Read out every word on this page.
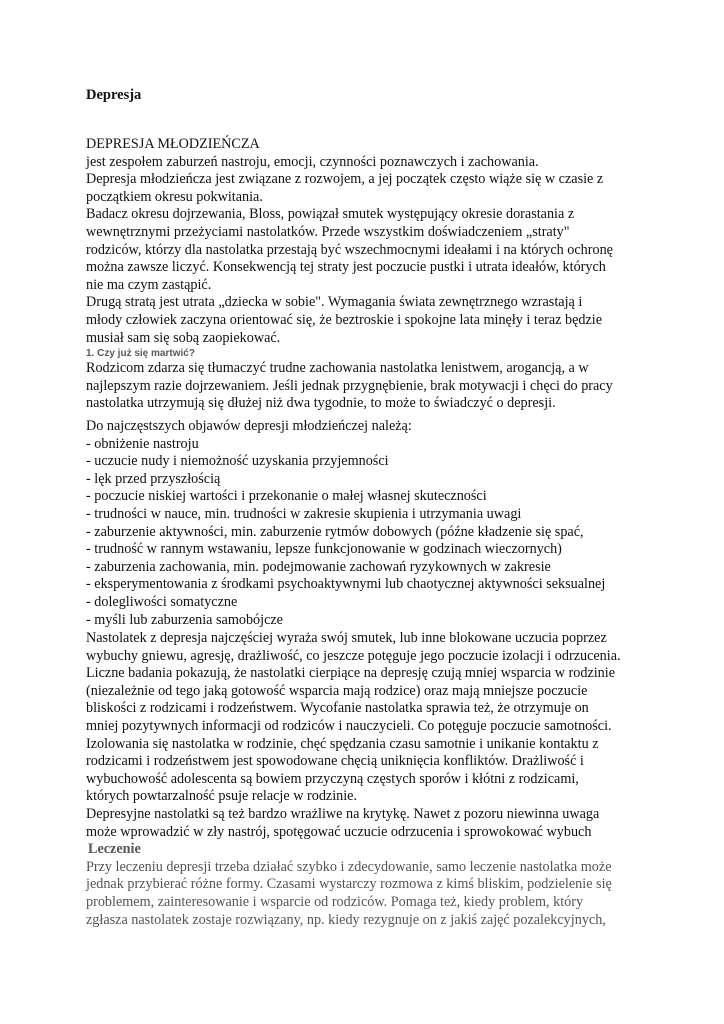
Depresja
DEPRESJA MŁODZIEŃCZA
jest zespołem zaburzeń nastroju, emocji, czynności poznawczych i zachowania.
Depresja młodzieńcza jest związane z rozwojem, a jej początek często wiąże się w czasie z
początkiem okresu pokwitania.
Badacz okresu dojrzewania, Bloss, powiązał smutek występujący okresie dorastania z
wewnętrznymi przeżyciami nastolatków. Przede wszystkim doświadczeniem „straty"
rodziców, którzy dla nastolatka przestają być wszechmocnymi ideałami i na których ochronę
można zawsze liczyć. Konsekwencją tej straty jest poczucie pustki i utrata ideałów, których
nie ma czym zastąpić.
Drugą stratą jest utrata „dziecka w sobie". Wymagania świata zewnętrznego wzrastają i
młody człowiek zaczyna orientować się, że beztroskie i spokojne lata minęły i teraz będzie
musiał sam się sobą zaopiekować.
1. Czy już się martwić?
Rodzicom zdarza się tłumaczyć trudne zachowania nastolatka lenistwem, arogancją, a w
najlepszym razie dojrzewaniem. Jeśli jednak przygnębienie, brak motywacji i chęci do pracy
nastolatka utrzymują się dłużej niż dwa tygodnie, to może to świadczyć o depresji.
Do najczęstszych objawów depresji młodzieńczej należą:
- obniżenie nastroju
- uczucie nudy i niemożność uzyskania przyjemności
- lęk przed przyszłością
- poczucie niskiej wartości i przekonanie o małej własnej skuteczności
- trudności w nauce, min. trudności w zakresie skupienia i utrzymania uwagi
- zaburzenie aktywności, min. zaburzenie rytmów dobowych (późne kładzenie się spać,
- trudność w rannym wstawaniu, lepsze funkcjonowanie w godzinach wieczornych)
- zaburzenia zachowania, min. podejmowanie zachowań ryzykownych w zakresie
- eksperymentowania z środkami psychoaktywnymi lub chaotycznej aktywności seksualnej
- dolegliwości somatyczne
- myśli lub zaburzenia samobójcze
Nastolatek z depresja najczęściej wyraża swój smutek, lub inne blokowane uczucia poprzez
wybuchy gniewu, agresję, drażliwość, co jeszcze potęguje jego poczucie izolacji i odrzucenia.
Liczne badania pokazują, że nastolatki cierpiące na depresję czują mniej wsparcia w rodzinie
(niezależnie od tego jaką gotowość wsparcia mają rodzice) oraz mają mniejsze poczucie
bliskości z rodzicami i rodzeństwem. Wycofanie nastolatka sprawia też, że otrzymuje on
mniej pozytywnych informacji od rodziców i nauczycieli. Co potęguje poczucie samotności.
Izolowania się nastolatka w rodzinie, chęć spędzania czasu samotnie i unikanie kontaktu z
rodzicami i rodzeństwem jest spowodowane chęcią uniknięcia konfliktów. Drażliwość i
wybuchowość adolescenta są bowiem przyczyną częstych sporów i kłótni z rodzicami,
których powtarzalność psuje relacje w rodzinie.
Depresyjne nastolatki są też bardzo wrażliwe na krytykę. Nawet z pozoru niewinna uwaga
może wprowadzić w zły nastrój, spotęgować uczucie odrzucenia i sprowokować wybuch
Leczenie
Przy leczeniu depresji trzeba działać szybko i zdecydowanie, samo leczenie nastolatka może
jednak przybierać różne formy. Czasami wystarczy rozmowa z kimś bliskim, podzielenie się
problemem, zainteresowanie i wsparcie od rodziców. Pomaga też, kiedy problem, który
zgłasza nastolatek zostaje rozwiązany, np. kiedy rezygnuje on z jakiś zajęć pozalekcyjnych,
